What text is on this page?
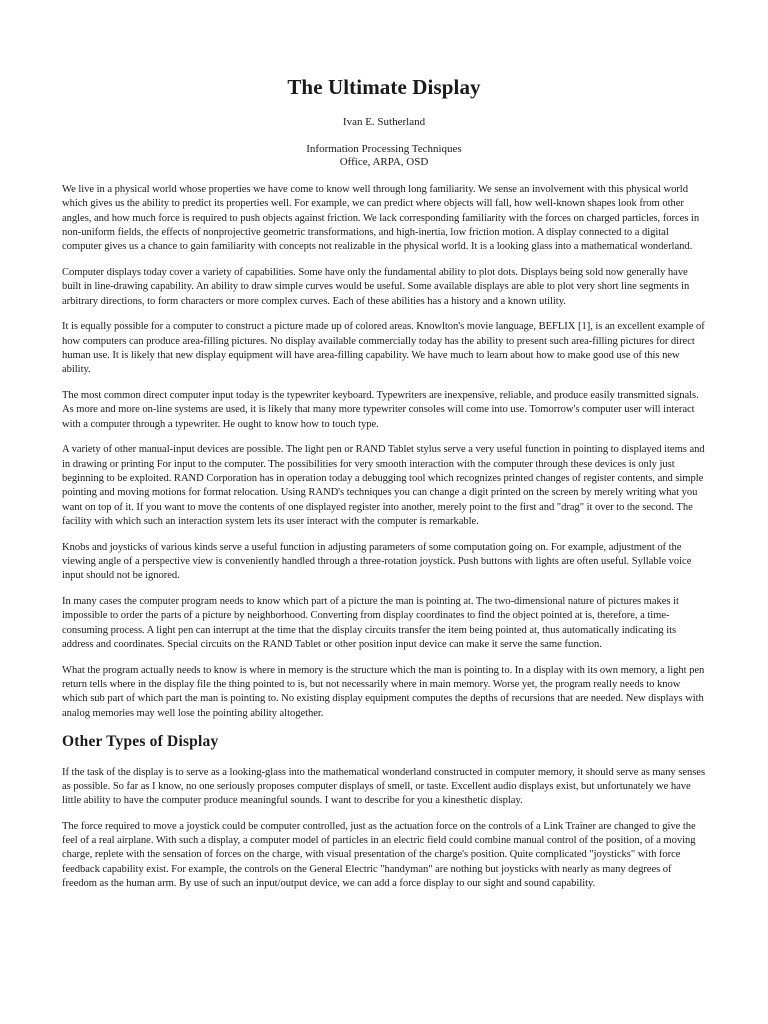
The Ultimate Display

Ivan E. Sutherland

Information Processing Techniques

Office, ARPA, OSD

We live in a physical world whose properties we have come to know well through long familiarity. We sense an involvement with this physical world which gives us the ability to predict its properties well. For example, we can predict where objects will fall, how well-known shapes look from other angles, and how much force is required to push objects against friction. We lack corresponding familiarity with the forces on charged particles, forces in non-uniform fields, the effects of nonprojective geometric transformations, and high-inertia, low friction motion. A display connected to a digital computer gives us a chance to gain familiarity with concepts not realizable in the physical world. It is a looking glass into a mathematical wonderland.

Computer displays today cover a variety of capabilities. Some have only the fundamental ability to plot dots. Displays being sold now generally have built in line-drawing capability. An ability to draw simple curves would be useful. Some available displays are able to plot very short line segments in arbitrary directions, to form characters or more complex curves. Each of these abilities has a history and a known utility.

It is equally possible for a computer to construct a picture made up of colored areas. Knowlton's movie language, BEFLIX [1], is an excellent example of how computers can produce area-filling pictures. No display available commercially today has the ability to present such area-filling pictures for direct human use. It is likely that new display equipment will have area-filling capability. We have much to learn about how to make good use of this new ability.

The most common direct computer input today is the typewriter keyboard. Typewriters are inexpensive, reliable, and produce easily transmitted signals. As more and more on-line systems are used, it is likely that many more typewriter consoles will come into use. Tomorrow's computer user will interact with a computer through a typewriter. He ought to know how to touch type.

A variety of other manual-input devices are possible. The light pen or RAND Tablet stylus serve a very useful function in pointing to displayed items and in drawing or printing For input to the computer. The possibilities for very smooth interaction with the computer through these devices is only just beginning to be exploited. RAND Corporation has in operation today a debugging tool which recognizes printed changes of register contents, and simple pointing and moving motions for format relocation. Using RAND's techniques you can change a digit printed on the screen by merely writing what you want on top of it. If you want to move the contents of one displayed register into another, merely point to the first and "drag" it over to the second. The facility with which such an interaction system lets its user interact with the computer is remarkable.

Knobs and joysticks of various kinds serve a useful function in adjusting parameters of some computation going on. For example, adjustment of the viewing angle of a perspective view is conveniently handled through a three-rotation joystick. Push buttons with lights are often useful. Syllable voice input should not be ignored.

In many cases the computer program needs to know which part of a picture the man is pointing at. The two-dimensional nature of pictures makes it impossible to order the parts of a picture by neighborhood. Converting from display coordinates to find the object pointed at is, therefore, a time-consuming process. A light pen can interrupt at the time that the display circuits transfer the item being pointed at, thus automatically indicating its address and coordinates. Special circuits on the RAND Tablet or other position input device can make it serve the same function.

What the program actually needs to know is where in memory is the structure which the man is pointing to. In a display with its own memory, a light pen return tells where in the display file the thing pointed to is, but not necessarily where in main memory. Worse yet, the program really needs to know which sub part of which part the man is pointing to. No existing display equipment computes the depths of recursions that are needed. New displays with analog memories may well lose the pointing ability altogether.

Other Types of Display

If the task of the display is to serve as a looking-glass into the mathematical wonderland constructed in computer memory, it should serve as many senses as possible. So far as I know, no one seriously proposes computer displays of smell, or taste. Excellent audio displays exist, but unfortunately we have little ability to have the computer produce meaningful sounds. I want to describe for you a kinesthetic display.

The force required to move a joystick could be computer controlled, just as the actuation force on the controls of a Link Trainer are changed to give the feel of a real airplane. With such a display, a computer model of particles in an electric field could combine manual control of the position, of a moving charge, replete with the sensation of forces on the charge, with visual presentation of the charge's position. Quite complicated "joysticks" with force feedback capability exist. For example, the controls on the General Electric "handyman" are nothing but joysticks with nearly as many degrees of freedom as the human arm. By use of such an input/output device, we can add a force display to our sight and sound capability.
